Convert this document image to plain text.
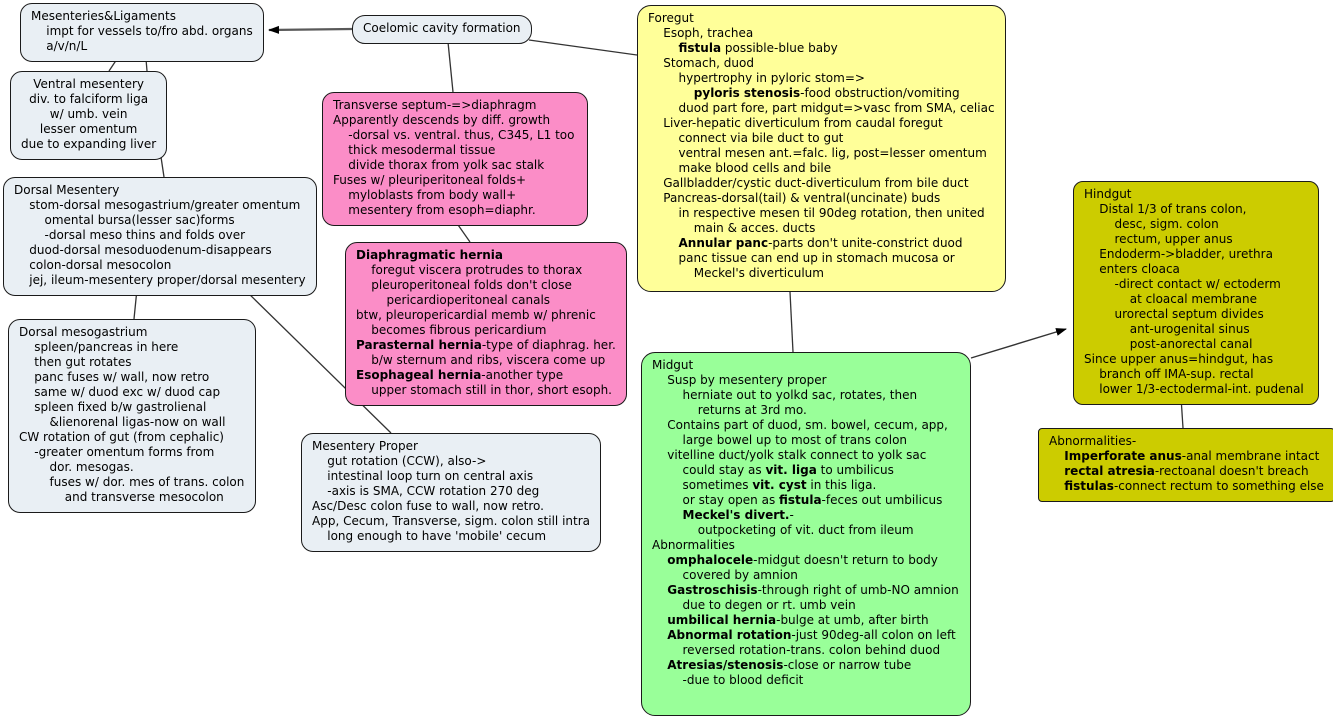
Mesenteries&Ligaments
impt for vessels to/fro abd. organs
a/v/n/L
Coelomic cavity formation
Ventral mesentery
div. to falciform liga
w/ umb. vein
lesser omentum
due to expanding liver
Dorsal Mesentery
stom-dorsal mesogastrium/greater omentum
omental bursa(lesser sac)forms
-dorsal meso thins and folds over
duod-dorsal mesoduodenum-disappears
colon-dorsal mesocolon
jej, ileum-mesentery proper/dorsal mesentery
Dorsal mesogastrium
spleen/pancreas in here
then gut rotates
panc fuses w/ wall, now retro
same w/ duod exc w/ duod cap
spleen fixed b/w gastrolienal
&lienorenal ligas-now on wall
CW rotation of gut (from cephalic)
-greater omentum forms from
dor. mesogas.
fuses w/ dor. mes of trans. colon
and transverse mesocolon
Transverse septum-=>diaphragm
Apparently descends by diff. growth
-dorsal vs. ventral. thus, C345, L1 too
thick mesodermal tissue
divide thorax from yolk sac stalk
Fuses w/ pleuriperitoneal folds+
myloblasts from body wall+
mesentery from esoph=diaphr.
Diaphragmatic hernia
foregut viscera protrudes to thorax
pleuroperitoneal folds don't close
pericardioperitoneal canals
btw, pleuropericardial memb w/ phrenic
becomes fibrous pericardium
Parasternal hernia-type of diaphrag. her.
b/w sternum and ribs, viscera come up
Esophageal hernia-another type
upper stomach still in thor, short esoph.
Mesentery Proper
gut rotation (CCW), also->
intestinal loop turn on central axis
-axis is SMA, CCW rotation 270 deg
Asc/Desc colon fuse to wall, now retro.
App, Cecum, Transverse, sigm. colon still intra
long enough to have 'mobile' cecum
Foregut
Esoph, trachea
fistula possible-blue baby
Stomach, duod
hypertrophy in pyloric stom=>
pyloris stenosis-food obstruction/vomiting
duod part fore, part midgut=>vasc from SMA, celiac
Liver-hepatic diverticulum from caudal foregut
connect via bile duct to gut
ventral mesen ant.=falc. lig, post=lesser omentum
make blood cells and bile
Gallbladder/cystic duct-diverticulum from bile duct
Pancreas-dorsal(tail) & ventral(uncinate) buds
in respective mesen til 90deg rotation, then united
main & acces. ducts
Annular panc-parts don't unite-constrict duod
panc tissue can end up in stomach mucosa or
Meckel's diverticulum
Midgut
Susp by mesentery proper
herniate out to yolkd sac, rotates, then
returns at 3rd mo.
Contains part of duod, sm. bowel, cecum, app,
large bowel up to most of trans colon
vitelline duct/yolk stalk connect to yolk sac
could stay as vit. liga to umbilicus
sometimes vit. cyst in this liga.
or stay open as fistula-feces out umbilicus
Meckel's divert.-
outpocketing of vit. duct from ileum
Abnormalities
omphalocele-midgut doesn't return to body
covered by amnion
Gastroschisis-through right of umb-NO amnion
due to degen or rt. umb vein
umbilical hernia-bulge at umb, after birth
Abnormal rotation-just 90deg-all colon on left
reversed rotation-trans. colon behind duod
Atresias/stenosis-close or narrow tube
-due to blood deficit
Hindgut
Distal 1/3 of trans colon,
desc, sigm. colon
rectum, upper anus
Endoderm->bladder, urethra
enters cloaca
-direct contact w/ ectoderm
at cloacal membrane
urorectal septum divides
ant-urogenital sinus
post-anorectal canal
Since upper anus=hindgut, has
branch off IMA-sup. rectal
lower 1/3-ectodermal-int. pudenal
Abnormalities-
Imperforate anus-anal membrane intact
rectal atresia-rectoanal doesn't breach
fistulas-connect rectum to something else
